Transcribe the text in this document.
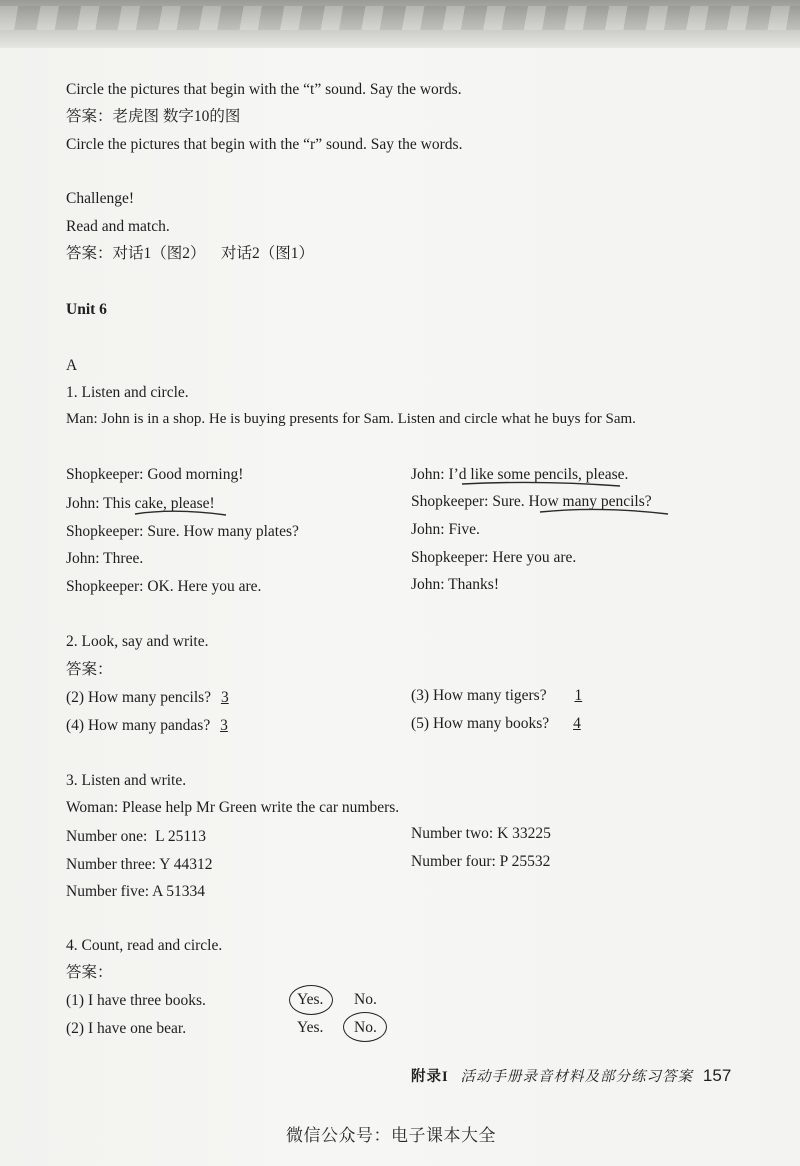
Circle the pictures that begin with the “t” sound. Say the words.
答案：老虎图 数字10的图
Circle the pictures that begin with the “r” sound. Say the words.
Challenge!
Read and match.
答案：对话1（图2）    对话2（图1）
Unit 6
A
1. Listen and circle.
Man: John is in a shop. He is buying presents for Sam. Listen and circle what he buys for Sam.
Shopkeeper: Good morning!
John: This cake, please!
Shopkeeper: Sure. How many plates?
John: Three.
Shopkeeper: OK. Here you are.
John: I’d like some pencils, please.
Shopkeeper: Sure. How many pencils?
John: Five.
Shopkeeper: Here you are.
John: Thanks!
2. Look, say and write.
答案：
(2) How many pencils? 3	(3) How many tigers? 1
(4) How many pandas? 3	(5) How many books? 4
3. Listen and write.
Woman: Please help Mr Green write the car numbers.
Number one:  L 25113	Number two: K 33225
Number three: Y 44312	Number four: P 25532
Number five: A 51334
4. Count, read and circle.
答案：
(1) I have three books.	Yes. No.
(2) I have one bear.	Yes. No.
附录I 活动手册录音材料及部分练习答案 157
微信公众号：电子课本大全
